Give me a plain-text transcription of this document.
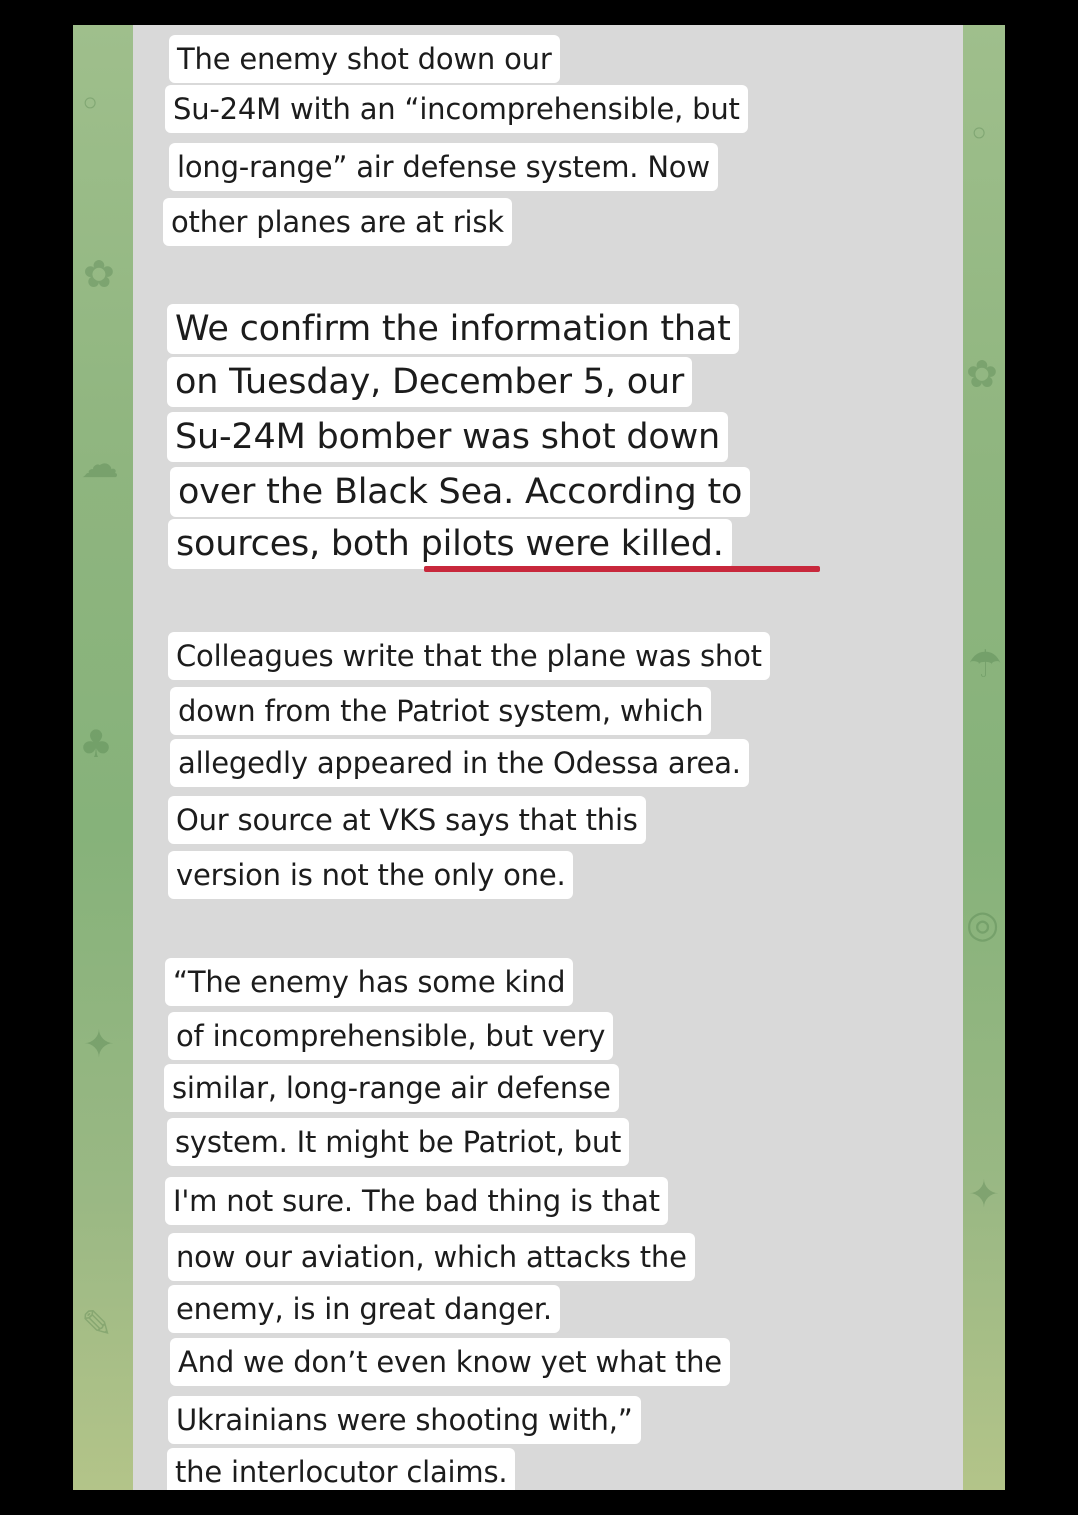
◦
✿
☁
♣
✦
✎
◦
✿
☂
◎
✦
The enemy shot down our
Su-24M with an “incomprehensible, but
long-range” air defense system. Now
other planes are at risk
We confirm the information that
on Tuesday, December 5, our
Su-24M bomber was shot down
over the Black Sea. According to
sources, both pilots were killed.
Colleagues write that the plane was shot
down from the Patriot system, which
allegedly appeared in the Odessa area.
Our source at VKS says that this
version is not the only one.
“The enemy has some kind
of incomprehensible, but very
similar, long-range air defense
system. It might be Patriot, but
I'm not sure. The bad thing is that
now our aviation, which attacks the
enemy, is in great danger.
And we don’t even know yet what the
Ukrainians were shooting with,”
the interlocutor claims.
